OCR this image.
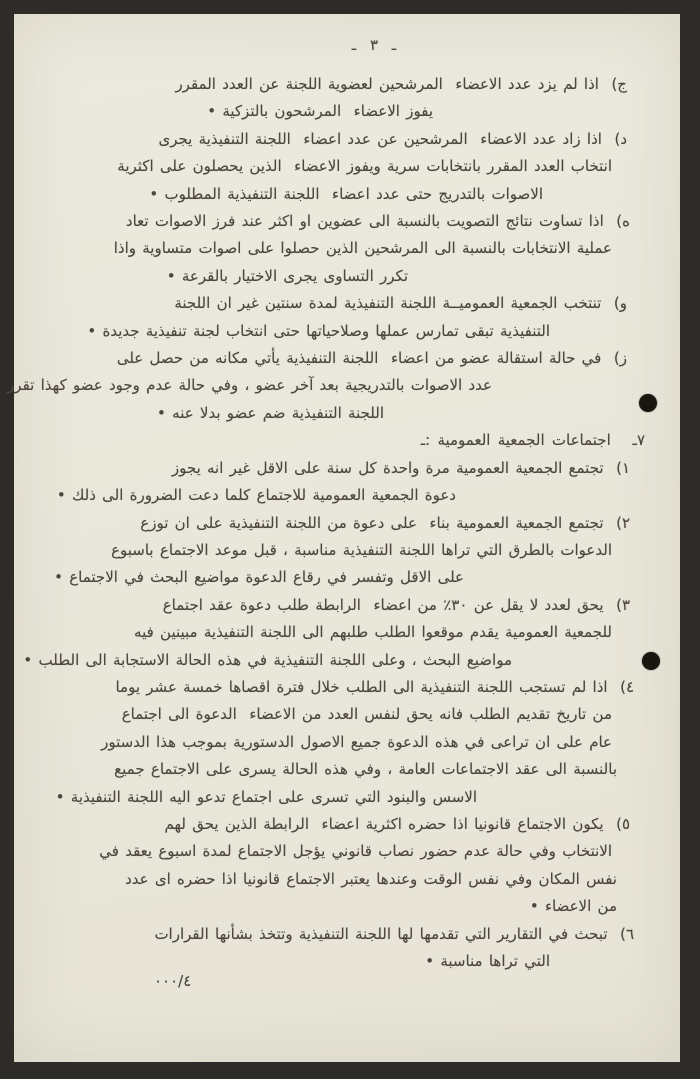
ـ ٣ ـ
ج)  اذا لم يزد عدد الاعضاء  المرشحين لعضوية اللجنة عن العدد المقرر
يفوز الاعضاء  المرشحون بالتزكية •
د)  اذا زاد عدد الاعضاء  المرشحين عن عدد اعضاء  اللجنة التنفيذية يجرى
انتخاب العدد المقرر بانتخابات سرية ويفوز الاعضاء  الذين يحصلون على اكثرية
الاصوات بالتدريج حتى عدد اعضاء  اللجنة التنفيذية المطلوب •
ه)  اذا تساوت نتائج التصويت بالنسبة الى عضوين او اكثر عند فرز الاصوات تعاد
عملية الانتخابات بالنسبة الى المرشحين الذين حصلوا على اصوات متساوية واذا
تكرر التساوى يجرى الاختيار بالقرعة •
و)  تنتخب الجمعية العموميــة اللجنة التنفيذية لمدة سنتين غير ان اللجنة
التنفيذية تبقى تمارس عملها وصلاحياتها حتى انتخاب لجنة تنفيذية جديدة •
ز)  في حالة استقالة عضو من اعضاء  اللجنة التنفيذية يأتي مكانه من حصل على
عدد الاصوات بالتدريجية بعد آخر عضو ، وفي حالة عدم وجود عضو كهذا تقرر
اللجنة التنفيذية ضم عضو بدلا عنه •
٧ـ   اجتماعات الجمعية العمومية :ـ
١)  تجتمع الجمعية العمومية مرة واحدة كل سنة على الاقل غير انه يجوز
دعوة الجمعية العمومية للاجتماع كلما دعت الضرورة الى ذلك •
٢)  تجتمع الجمعية العمومية بناء  على دعوة من اللجنة التنفيذية على ان توزع
الدعوات بالطرق التي تراها اللجنة التنفيذية مناسبة ، قبل موعد الاجتماع باسبوع
على الاقل وتفسر في رقاع الدعوة مواضيع البحث في الاجتماع •
٣)  يحق لعدد لا يقل عن ٣٠٪ من اعضاء  الرابطة طلب دعوة عقد اجتماع
للجمعية العمومية يقدم موقعوا الطلب طلبهم الى اللجنة التنفيذية مبينين فيه
مواضيع البحث ، وعلى اللجنة التنفيذية في هذه الحالة الاستجابة الى الطلب •
٤)  اذا لم تستجب اللجنة التنفيذية الى الطلب خلال فترة اقصاها خمسة عشر يوما
من تاريخ تقديم الطلب فانه يحق لنفس العدد من الاعضاء  الدعوة الى اجتماع
عام على ان تراعى في هذه الدعوة جميع الاصول الدستورية بموجب هذا الدستور
بالنسبة الى عقد الاجتماعات العامة ، وفي هذه الحالة يسرى على الاجتماع جميع
الاسس والبنود التي تسرى على اجتماع تدعو اليه اللجنة التنفيذية •
٥)  يكون الاجتماع قانونيا اذا حضره اكثرية اعضاء  الرابطة الذين يحق لهم
الانتخاب وفي حالة عدم حضور نصاب قانوني يؤجل الاجتماع لمدة اسبوع يعقد في
نفس المكان وفي نفس الوقت وعندها يعتبر الاجتماع قانونيا اذا حضره اى عدد
من الاعضاء •
٦)  تبحث في التقارير التي تقدمها لها اللجنة التنفيذية وتتخذ بشأنها القرارات
التي تراها مناسبة •
٠٠٠/٤
